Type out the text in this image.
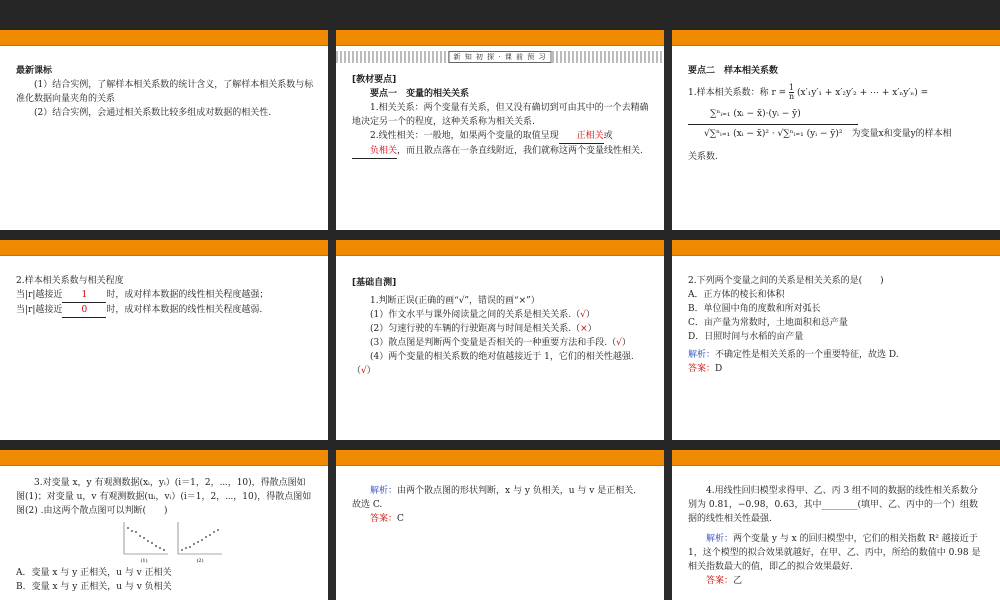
最新课标
(1）结合实例，了解样本相关系数的统计含义，了解样本相关系数与标准化数据向量夹角的关系
(2）结合实例，会通过相关系数比较多组成对数据的相关性.
新 知 初 探 · 课 前 预 习
[教材要点]
要点一　变量的相关关系
1.相关关系：两个变量有关系，但又没有确切到可由其中的一个去精确地决定另一个的程度，这种关系称为相关关系.
2.线性相关：一般地，如果两个变量的取值呈现 正相关或负相关，而且散点落在一条直线附近，我们就称这两个变量线性相关.
要点二　样本相关系数
1.样本相关系数：称 $r = \frac{1}{n} (x'_1y'_1 + x'_2y'_2$ + ⋯ + x′ₙy′ₙ) =
∑ⁿᵢ₌₁ (xᵢ − x̄)·(yᵢ − ȳ)
√∑ⁿᵢ₌₁ (xᵢ − x̄)² · √∑ⁿᵢ₌₁ (yᵢ − ȳ)²　 为变量x和变量y的样本相
关系数.
2.样本相关系数与相关程度
当|r|越接近 1 时，成对样本数据的线性相关程度越强；
当|r|越接近 0 时，成对样本数据的线性相关程度越弱.
[基础自测]
1.判断正误(正确的画“√”，错误的画“×”）
(1）作文水平与课外阅读量之间的关系是相关关系.（√）
(2）匀速行驶的车辆的行驶距离与时间是相关关系.（×）
(3）散点图是判断两个变量是否相关的一种重要方法和手段.（√）
(4）两个变量的相关系数的绝对值越接近于 1，它们的相关性越强.（√）
2.下列两个变量之间的关系是相关关系的是(　　)
A．正方体的棱长和体积
B．单位圆中角的度数和所对弧长
C．亩产量为常数时，土地面积和总产量
D．日照时间与水稻的亩产量
解析：不确定性是相关关系的一个重要特征，故选 D.
答案：D
3.对变量 x，y 有观测数据(xᵢ，yᵢ）(i＝1，2，⋯，10)，得散点图如图(1)；对变量 u，v 有观测数据(uᵢ，vᵢ）(i＝1，2，⋯，10)，得散点图如图(2) .由这两个散点图可以判断(　　)
(1)	(2)
A．变量 x 与 y 正相关，u 与 v 正相关
B．变量 x 与 y 正相关，u 与 v 负相关
解析：由两个散点图的形状判断，x 与 y 负相关，u 与 v 是正相关．故选 C.
答案：C
4.用线性回归模型求得甲、乙、丙 3 组不同的数据的线性相关系数分别为 0.81，−0.98，0.63，其中________(填甲、乙、丙中的一个）组数据的线性相关性最强.
解析：两个变量 y 与 x 的回归模型中，它们的相关指数 R² 越接近于 1，这个模型的拟合效果就越好，在甲、乙、丙中，所给的数值中 0.98 是相关指数最大的值，即乙的拟合效果最好.
答案：乙
